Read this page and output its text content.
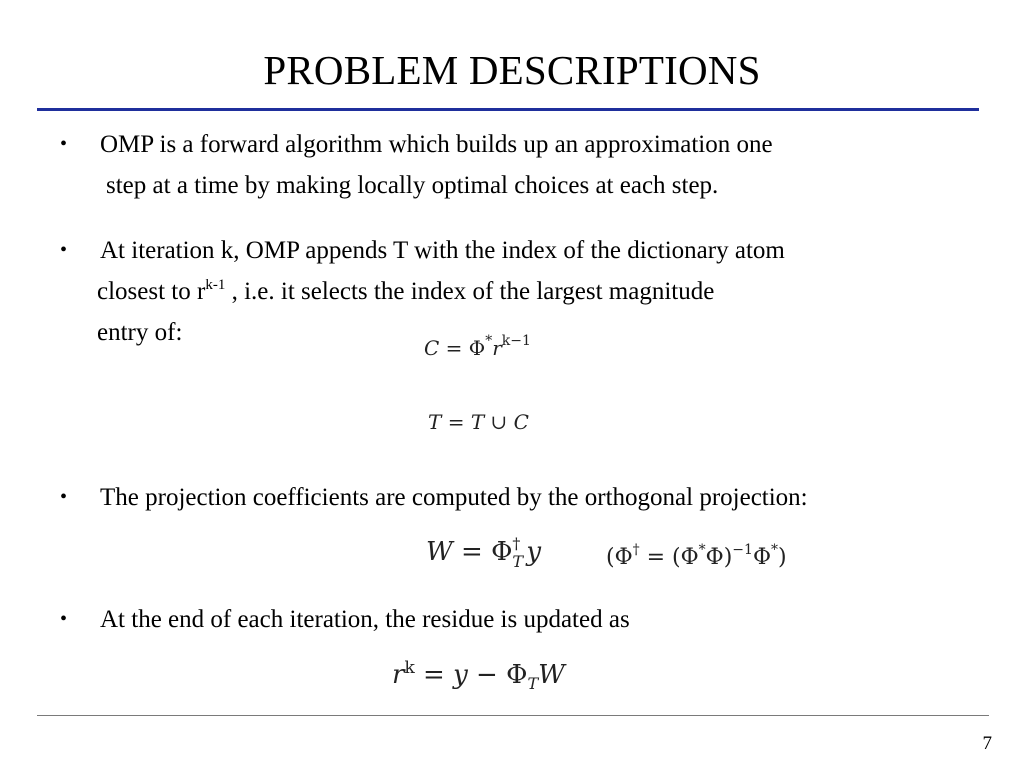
PROBLEM DESCRIPTIONS
• OMP is a forward algorithm which builds up an approximation one
step at a time by making locally optimal choices at each step.
• At iteration k, OMP appends T with the index of the dictionary atom
closest to $r^{k-1}$ , i.e. it selects the index of the largest magnitude
entry of:
$C = \Phi^*r^{k-1}$
T = T ∪ C
• The projection coefficients are computed by the orthogonal projection:
W = Φ †
T y	$(\Phi^\dagger = (\Phi^*\Phi)^{-1}\Phi^*)$
• At the end of each iteration, the residue is updated as
$r^k = y - \Phi_TW$
7
